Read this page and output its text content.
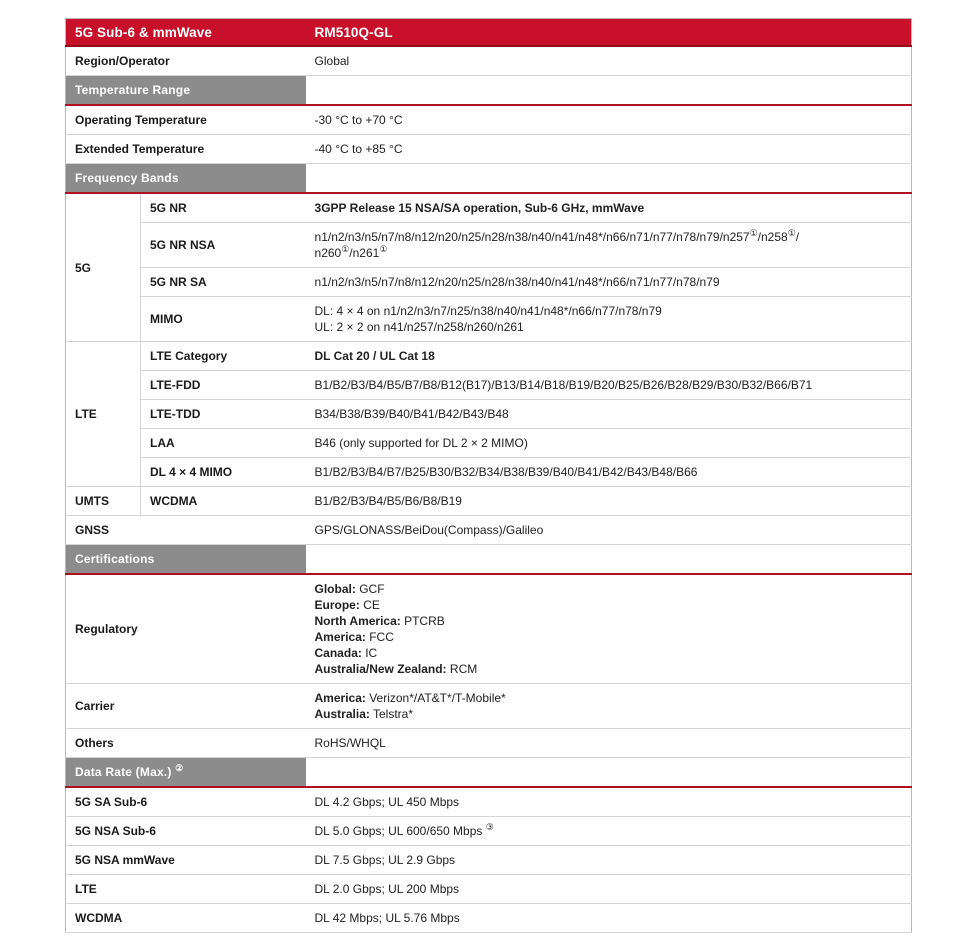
5G Sub-6 & mmWave		RM510Q-GL
Region/Operator		Global

Temperature Range		
Operating Temperature		-30 °C to +70 °C

Extended Temperature		-40 °C to +85 °C

Frequency Bands		
5G	5G NR	3GPP Release 15 NSA/SA operation, Sub-6 GHz, mmWave

	5G NR NSA	n1/n2/n3/n5/n7/n8/n12/n20/n25/n28/n38/n40/n41/n48*/n66/n71/n77/n78/n79/n257①/n258①/
n260①/n261①

	5G NR SA	n1/n2/n3/n5/n7/n8/n12/n20/n25/n28/n38/n40/n41/n48*/n66/n71/n77/n78/n79

	MIMO	DL: 4 × 4 on n1/n2/n3/n7/n25/n38/n40/n41/n48*/n66/n77/n78/n79
UL: 2 × 2 on n41/n257/n258/n260/n261

LTE	LTE Category	DL Cat 20 / UL Cat 18

	LTE-FDD	B1/B2/B3/B4/B5/B7/B8/B12(B17)/B13/B14/B18/B19/B20/B25/B26/B28/B29/B30/B32/B66/B71

	LTE-TDD	B34/B38/B39/B40/B41/B42/B43/B48

	LAA	B46 (only supported for DL 2 × 2 MIMO)

	DL 4 × 4 MIMO	B1/B2/B3/B4/B7/B25/B30/B32/B34/B38/B39/B40/B41/B42/B43/B48/B66

UMTS	WCDMA	B1/B2/B3/B4/B5/B6/B8/B19

GNSS		GPS/GLONASS/BeiDou(Compass)/Galileo

Certifications		
Regulatory	
Global: GCF
Europe: CE
North America: PTCRB
America: FCC
Canada: IC
Australia/New Zealand: RCM

Carrier		America: Verizon*/AT&T*/T-Mobile*
Australia: Telstra*

Others		RoHS/WHQL

Data Rate (Max.) ②	
5G SA Sub-6		DL 4.2 Gbps; UL 450 Mbps

5G NSA Sub-6		DL 5.0 Gbps; UL 600/650 Mbps ③

5G NSA mmWave		DL 7.5 Gbps; UL 2.9 Gbps

LTE		DL 2.0 Gbps; UL 200 Mbps

WCDMA		DL 42 Mbps; UL 5.76 Mbps
